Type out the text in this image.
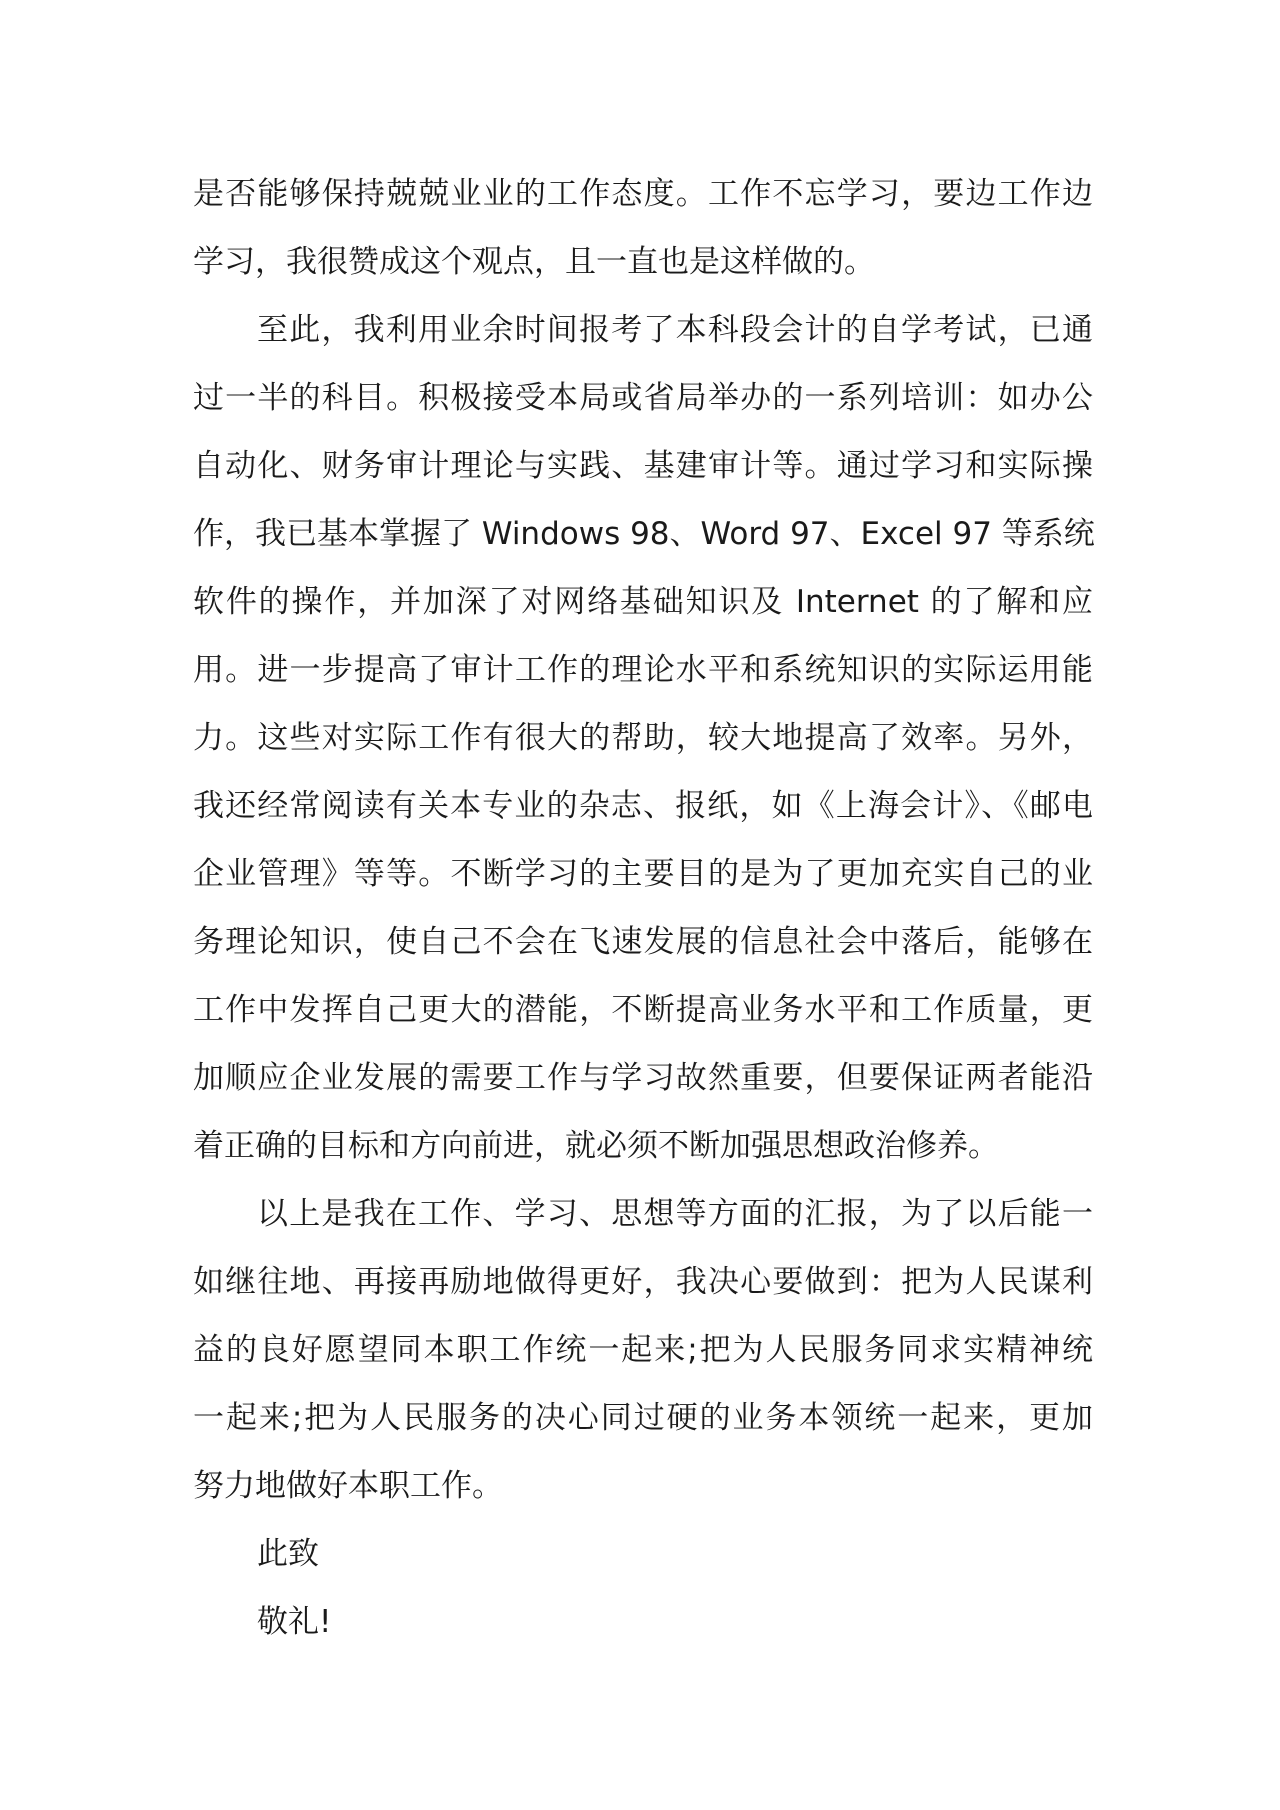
是否能够保持兢兢业业的工作态度。工作不忘学习，要边工作边
学习，我很赞成这个观点，且一直也是这样做的。
至此，我利用业余时间报考了本科段会计的自学考试，已通
过一半的科目。积极接受本局或省局举办的一系列培训：如办公
自动化、财务审计理论与实践、基建审计等。通过学习和实际操
作，我已基本掌握了 Windows 98、Word 97、Excel 97 等系统
软件的操作，并加深了对网络基础知识及 Internet 的了解和应
用。进一步提高了审计工作的理论水平和系统知识的实际运用能
力。这些对实际工作有很大的帮助，较大地提高了效率。另外，
我还经常阅读有关本专业的杂志、报纸，如《上海会计》、《邮电
企业管理》等等。不断学习的主要目的是为了更加充实自己的业
务理论知识，使自己不会在飞速发展的信息社会中落后，能够在
工作中发挥自己更大的潜能，不断提高业务水平和工作质量，更
加顺应企业发展的需要工作与学习故然重要，但要保证两者能沿
着正确的目标和方向前进，就必须不断加强思想政治修养。
以上是我在工作、学习、思想等方面的汇报，为了以后能一
如继往地、再接再励地做得更好，我决心要做到：把为人民谋利
益的良好愿望同本职工作统一起来;把为人民服务同求实精神统
一起来;把为人民服务的决心同过硬的业务本领统一起来，更加
努力地做好本职工作。
此致
敬礼!
